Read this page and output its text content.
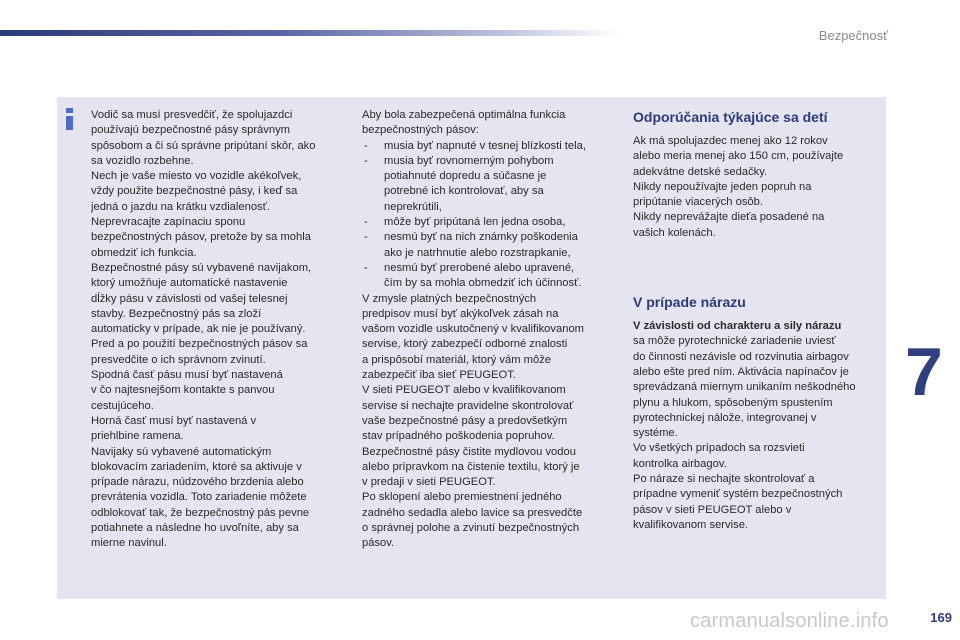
Bezpečnosť

Vodič sa musí presvedčiť, že spolujazdci

používajú bezpečnostné pásy správnym

spôsobom a či sú správne pripútaní skôr, ako

sa vozidlo rozbehne.

Nech je vaše miesto vo vozidle akékoľvek,

vždy použite bezpečnostné pásy, i keď sa

jedná o jazdu na krátku vzdialenosť.

Neprevracajte zapínaciu sponu

bezpečnostných pásov, pretože by sa mohla

obmedziť ich funkcia.

Bezpečnostné pásy sú vybavené navijakom,

ktorý umožňuje automatické nastavenie

dĺžky pásu v závislosti od vašej telesnej

stavby. Bezpečnostný pás sa zloží

automaticky v prípade, ak nie je používaný.

Pred a po použití bezpečnostných pásov sa

presvedčite o ich správnom zvinutí.

Spodná časť pásu musí byť nastavená

v čo najtesnejšom kontakte s panvou

cestujúceho.

Horná časť musí byť nastavená v

priehlbine ramena.

Navijaky sú vybavené automatickým

blokovacím zariadením, ktoré sa aktivuje v

prípade nárazu, núdzového brzdenia alebo

prevrátenia vozidla. Toto zariadenie môžete

odblokovať tak, že bezpečnostný pás pevne

potiahnete a následne ho uvoľníte, aby sa

mierne navinul.

Aby bola zabezpečená optimálna funkcia

bezpečnostných pásov:

- musia byť napnuté v tesnej blízkosti tela,

- musia byť rovnomerným pohybom

potiahnuté dopredu a súčasne je

potrebné ich kontrolovať, aby sa

neprekrútili,

- môže byť pripútaná len jedna osoba,

- nesmú byť na nich známky poškodenia

ako je natrhnutie alebo rozstrapkanie,

- nesmú byť prerobené alebo upravené,

čím by sa mohla obmedziť ich účinnosť.

V zmysle platných bezpečnostných

predpisov musí byť akýkoľvek zásah na

vašom vozidle uskutočnený v kvalifikovanom

servise, ktorý zabezpečí odborné znalosti

a prispôsobí materiál, ktorý vám môže

zabezpečiť iba sieť PEUGEOT.

V sieti PEUGEOT alebo v kvalifikovanom

servise si nechajte pravidelne skontrolovať

vaše bezpečnostné pásy a predovšetkým

stav prípadného poškodenia popruhov.

Bezpečnostné pásy čistite mydlovou vodou

alebo prípravkom na čistenie textilu, ktorý je

v predaji v sieti PEUGEOT.

Po sklopení alebo premiestnení jedného

zadného sedadla alebo lavice sa presvedčte

o správnej polohe a zvinutí bezpečnostných

pásov.

Odporúčania týkajúce sa detí

Ak má spolujazdec menej ako 12 rokov

alebo meria menej ako 150 cm, používajte

adekvátne detské sedačky.

Nikdy nepoužívajte jeden popruh na

pripútanie viacerých osôb.

Nikdy neprevážajte dieťa posadené na

vašich kolenách.

V prípade nárazu

V závislosti od charakteru a sily nárazu

sa môže pyrotechnické zariadenie uviesť

do činnosti nezávisle od rozvinutia airbagov

alebo ešte pred ním. Aktivácia napínačov je

sprevádzaná miernym unikaním neškodného

plynu a hlukom, spôsobeným spustením

pyrotechnickej nálože, integrovanej v

systéme.

Vo všetkých prípadoch sa rozsvieti

kontrolka airbagov.

Po náraze si nechajte skontrolovať a

prípadne vymeniť systém bezpečnostných

pásov v sieti PEUGEOT alebo v

kvalifikovanom servise.

7
carmanualsonline.info	169
